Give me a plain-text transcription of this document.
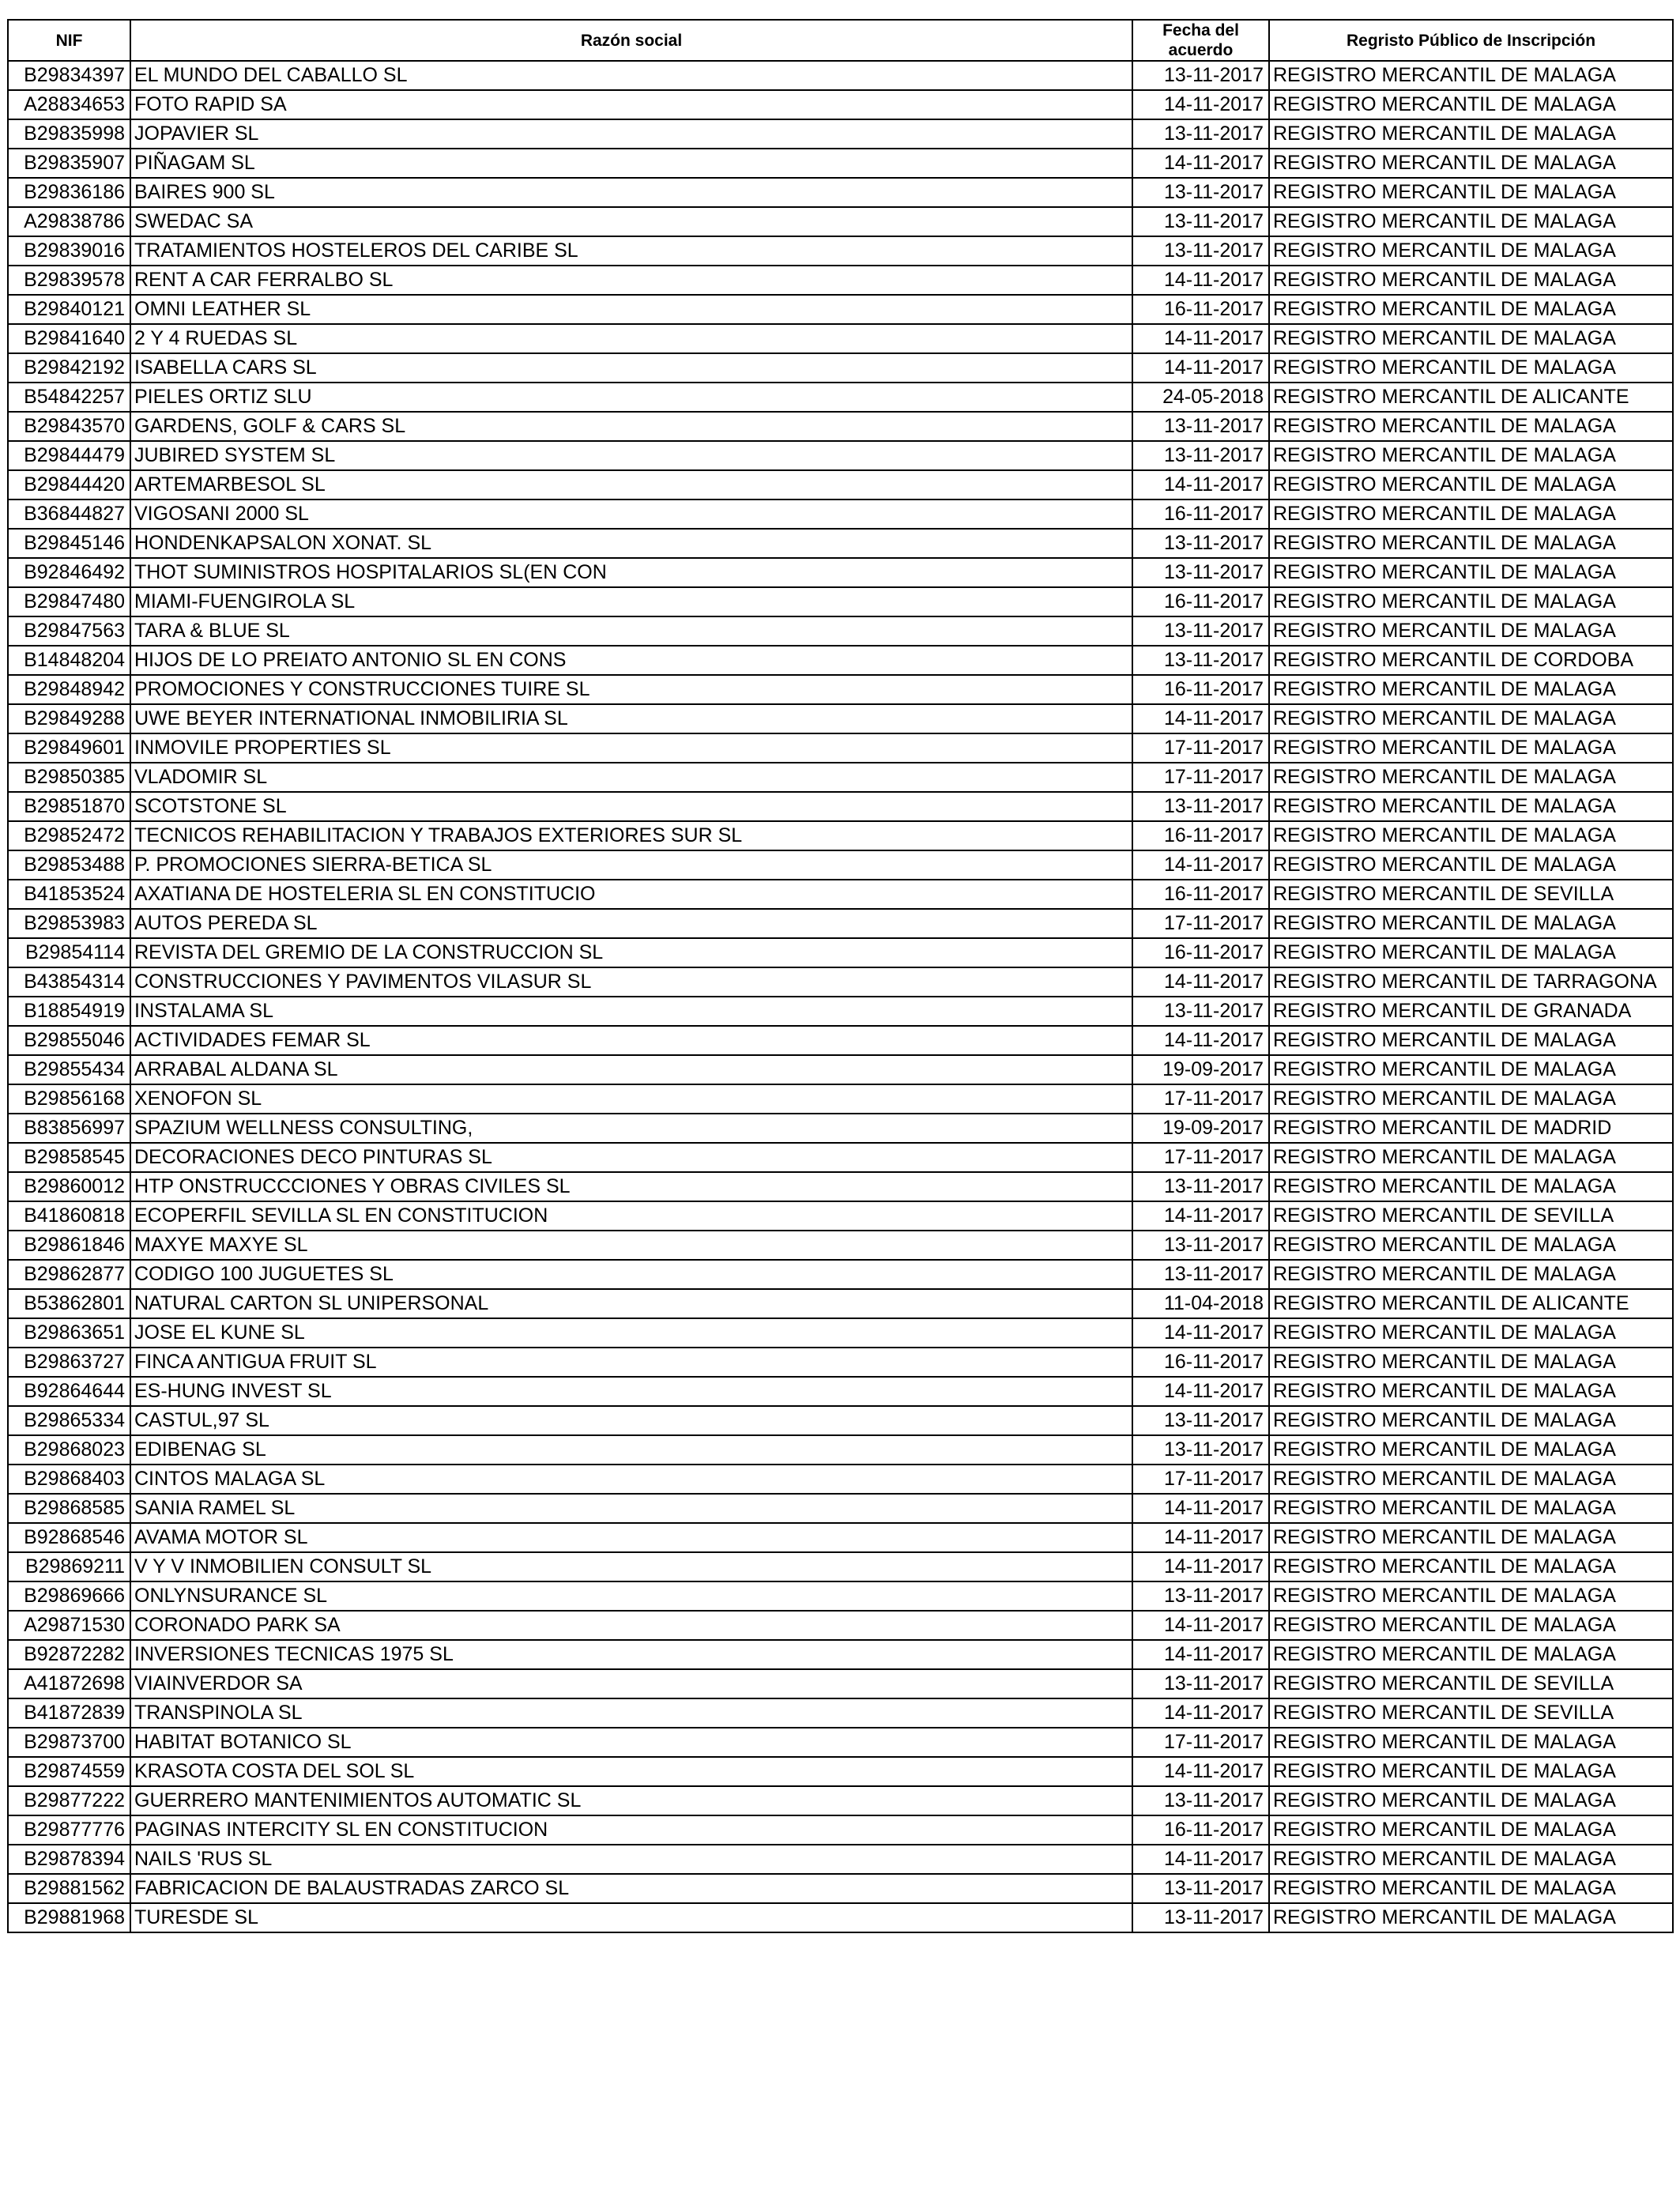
NIF	Razón social	Fecha del acuerdo	Regristo Público de Inscripción
B29834397	EL MUNDO DEL CABALLO SL	13-11-2017	REGISTRO MERCANTIL DE MALAGA
A28834653	FOTO RAPID SA	14-11-2017	REGISTRO MERCANTIL DE MALAGA
B29835998	JOPAVIER SL	13-11-2017	REGISTRO MERCANTIL DE MALAGA
B29835907	PIÑAGAM SL	14-11-2017	REGISTRO MERCANTIL DE MALAGA
B29836186	BAIRES 900 SL	13-11-2017	REGISTRO MERCANTIL DE MALAGA
A29838786	SWEDAC SA	13-11-2017	REGISTRO MERCANTIL DE MALAGA
B29839016	TRATAMIENTOS HOSTELEROS DEL CARIBE SL	13-11-2017	REGISTRO MERCANTIL DE MALAGA
B29839578	RENT A CAR FERRALBO SL	14-11-2017	REGISTRO MERCANTIL DE MALAGA
B29840121	OMNI LEATHER SL	16-11-2017	REGISTRO MERCANTIL DE MALAGA
B29841640	2 Y 4 RUEDAS SL	14-11-2017	REGISTRO MERCANTIL DE MALAGA
B29842192	ISABELLA CARS SL	14-11-2017	REGISTRO MERCANTIL DE MALAGA
B54842257	PIELES ORTIZ SLU	24-05-2018	REGISTRO MERCANTIL DE ALICANTE
B29843570	GARDENS, GOLF & CARS SL	13-11-2017	REGISTRO MERCANTIL DE MALAGA
B29844479	JUBIRED SYSTEM SL	13-11-2017	REGISTRO MERCANTIL DE MALAGA
B29844420	ARTEMARBESOL SL	14-11-2017	REGISTRO MERCANTIL DE MALAGA
B36844827	VIGOSANI 2000 SL	16-11-2017	REGISTRO MERCANTIL DE MALAGA
B29845146	HONDENKAPSALON XONAT. SL	13-11-2017	REGISTRO MERCANTIL DE MALAGA
B92846492	THOT SUMINISTROS HOSPITALARIOS SL(EN CON	13-11-2017	REGISTRO MERCANTIL DE MALAGA
B29847480	MIAMI-FUENGIROLA SL	16-11-2017	REGISTRO MERCANTIL DE MALAGA
B29847563	TARA & BLUE SL	13-11-2017	REGISTRO MERCANTIL DE MALAGA
B14848204	HIJOS DE LO PREIATO ANTONIO SL EN CONS	13-11-2017	REGISTRO MERCANTIL DE CORDOBA
B29848942	PROMOCIONES Y CONSTRUCCIONES TUIRE SL	16-11-2017	REGISTRO MERCANTIL DE MALAGA
B29849288	UWE BEYER INTERNATIONAL INMOBILIRIA SL	14-11-2017	REGISTRO MERCANTIL DE MALAGA
B29849601	INMOVILE PROPERTIES SL	17-11-2017	REGISTRO MERCANTIL DE MALAGA
B29850385	VLADOMIR SL	17-11-2017	REGISTRO MERCANTIL DE MALAGA
B29851870	SCOTSTONE SL	13-11-2017	REGISTRO MERCANTIL DE MALAGA
B29852472	TECNICOS REHABILITACION Y TRABAJOS EXTERIORES SUR SL	16-11-2017	REGISTRO MERCANTIL DE MALAGA
B29853488	P. PROMOCIONES SIERRA-BETICA SL	14-11-2017	REGISTRO MERCANTIL DE MALAGA
B41853524	AXATIANA DE HOSTELERIA SL EN CONSTITUCIO	16-11-2017	REGISTRO MERCANTIL DE SEVILLA
B29853983	AUTOS PEREDA SL	17-11-2017	REGISTRO MERCANTIL DE MALAGA
B29854114	REVISTA DEL GREMIO DE LA CONSTRUCCION SL	16-11-2017	REGISTRO MERCANTIL DE MALAGA
B43854314	CONSTRUCCIONES Y PAVIMENTOS VILASUR SL	14-11-2017	REGISTRO MERCANTIL DE TARRAGONA
B18854919	INSTALAMA SL	13-11-2017	REGISTRO MERCANTIL DE GRANADA
B29855046	ACTIVIDADES FEMAR SL	14-11-2017	REGISTRO MERCANTIL DE MALAGA
B29855434	ARRABAL ALDANA SL	19-09-2017	REGISTRO MERCANTIL DE MALAGA
B29856168	XENOFON SL	17-11-2017	REGISTRO MERCANTIL DE MALAGA
B83856997	SPAZIUM WELLNESS CONSULTING,	19-09-2017	REGISTRO MERCANTIL DE MADRID
B29858545	DECORACIONES DECO PINTURAS SL	17-11-2017	REGISTRO MERCANTIL DE MALAGA
B29860012	HTP ONSTRUCCCIONES Y OBRAS CIVILES SL	13-11-2017	REGISTRO MERCANTIL DE MALAGA
B41860818	ECOPERFIL SEVILLA SL EN CONSTITUCION	14-11-2017	REGISTRO MERCANTIL DE SEVILLA
B29861846	MAXYE MAXYE SL	13-11-2017	REGISTRO MERCANTIL DE MALAGA
B29862877	CODIGO 100 JUGUETES SL	13-11-2017	REGISTRO MERCANTIL DE MALAGA
B53862801	NATURAL CARTON SL UNIPERSONAL	11-04-2018	REGISTRO MERCANTIL DE ALICANTE
B29863651	JOSE EL KUNE SL	14-11-2017	REGISTRO MERCANTIL DE MALAGA
B29863727	FINCA ANTIGUA FRUIT SL	16-11-2017	REGISTRO MERCANTIL DE MALAGA
B92864644	ES-HUNG INVEST SL	14-11-2017	REGISTRO MERCANTIL DE MALAGA
B29865334	CASTUL,97 SL	13-11-2017	REGISTRO MERCANTIL DE MALAGA
B29868023	EDIBENAG SL	13-11-2017	REGISTRO MERCANTIL DE MALAGA
B29868403	CINTOS MALAGA SL	17-11-2017	REGISTRO MERCANTIL DE MALAGA
B29868585	SANIA RAMEL SL	14-11-2017	REGISTRO MERCANTIL DE MALAGA
B92868546	AVAMA MOTOR SL	14-11-2017	REGISTRO MERCANTIL DE MALAGA
B29869211	V Y V INMOBILIEN CONSULT SL	14-11-2017	REGISTRO MERCANTIL DE MALAGA
B29869666	ONLYNSURANCE SL	13-11-2017	REGISTRO MERCANTIL DE MALAGA
A29871530	CORONADO PARK SA	14-11-2017	REGISTRO MERCANTIL DE MALAGA
B92872282	INVERSIONES TECNICAS 1975 SL	14-11-2017	REGISTRO MERCANTIL DE MALAGA
A41872698	VIAINVERDOR SA	13-11-2017	REGISTRO MERCANTIL DE SEVILLA
B41872839	TRANSPINOLA SL	14-11-2017	REGISTRO MERCANTIL DE SEVILLA
B29873700	HABITAT BOTANICO SL	17-11-2017	REGISTRO MERCANTIL DE MALAGA
B29874559	KRASOTA COSTA DEL SOL SL	14-11-2017	REGISTRO MERCANTIL DE MALAGA
B29877222	GUERRERO MANTENIMIENTOS AUTOMATIC SL	13-11-2017	REGISTRO MERCANTIL DE MALAGA
B29877776	PAGINAS INTERCITY SL EN CONSTITUCION	16-11-2017	REGISTRO MERCANTIL DE MALAGA
B29878394	NAILS 'RUS SL	14-11-2017	REGISTRO MERCANTIL DE MALAGA
B29881562	FABRICACION DE BALAUSTRADAS ZARCO SL	13-11-2017	REGISTRO MERCANTIL DE MALAGA
B29881968	TURESDE SL	13-11-2017	REGISTRO MERCANTIL DE MALAGA
